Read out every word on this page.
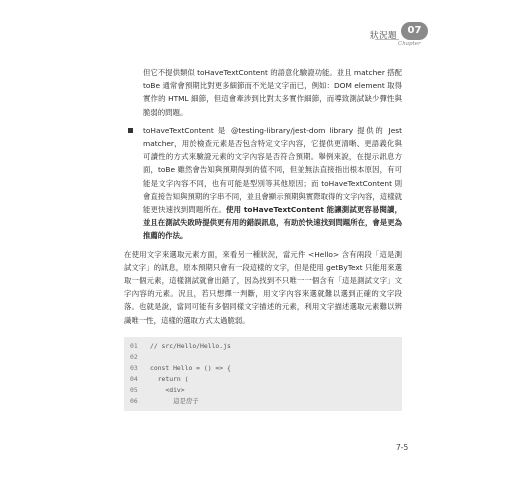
狀況題	07
Chapter

但它不提供類似 toHaveTextContent 的語意化驗證功能。並且 matcher 搭配 toBe 通常會預期比對更多細節而不光是文字而已，例如：DOM element 取得實作的 HTML 細節，但這會牽涉到比對太多實作細節，而導致測試缺少彈性與脆弱的問題。

toHaveTextContent 是 @testing-library/jest-dom library 提供的 Jest matcher，用於檢查元素是否包含特定文字內容，它提供更清晰、更語義化與可讀性的方式來驗證元素的文字內容是否符合預期。舉例來說，在提示訊息方面，toBe 雖然會告知與預期得到的值不同，但並無法直接指出根本原因，有可能是文字內容不同，也有可能是型別等其他原因；而 toHaveTextContent 則會直接告知與預期的字串不同，並且會顯示預期與實際取得的文字內容，這樣就能更快速找到問題所在。使用 toHaveTextContent 能讓測試更容易閱讀，並且在測試失敗時提供更有用的錯誤訊息，有助於快速找到問題所在，會是更為推薦的作法。

在使用文字來選取元素方面，來看另一種狀況，當元件 <Hello> 含有兩段「這是測試文字」的訊息，原本預期只會有一段這樣的文字，但是使用 getByText 只能用來選取一個元素，這樣測試就會出錯了，因為找到不只唯一一個含有「這是測試文字」文字內容的元素。況且，若只想擇一判斷，用文字內容來選就難以選到正確的文字段落。也就是說，當同可能有多個同樣文字描述的元素，利用文字描述選取元素難以辨識唯一性，這樣的選取方式太過脆弱。

01 // src/Hello/Hello.js
02
03 const Hello = () => {
04  return (
05    <div>
06      這是房子
7-5
